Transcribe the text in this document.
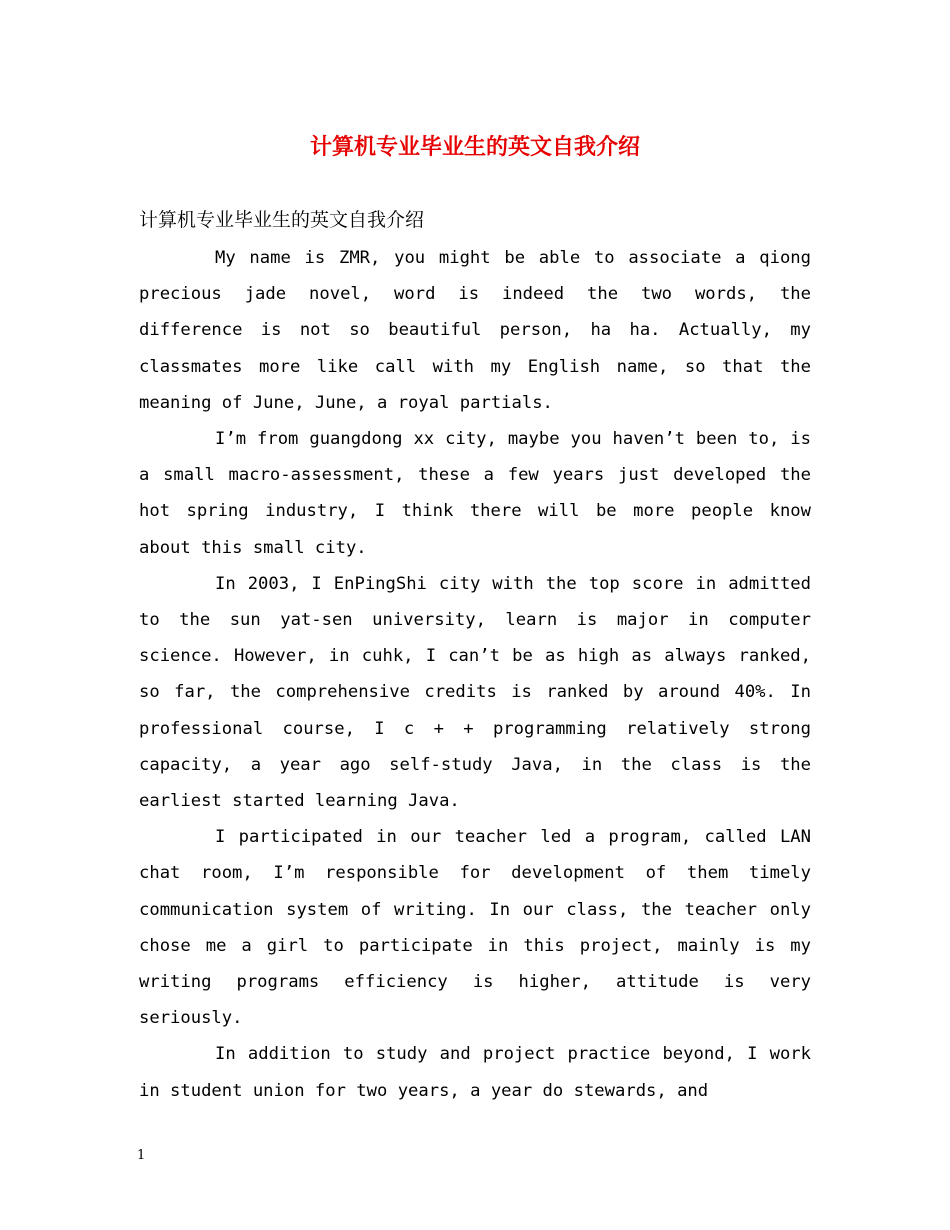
计算机专业毕业生的英文自我介绍
计算机专业毕业生的英文自我介绍

My name is ZMR, you might be able to associate a qiong precious jade novel, word is indeed the two words, the difference is not so beautiful person, ha ha. Actually, my classmates more like call with my English name, so that the meaning of June, June, a royal partials.

I’m from guangdong xx city, maybe you haven’t been to, is a small macro-assessment, these a few years just developed the hot spring industry, I think there will be more people know about this small city.

In 2003, I EnPingShi city with the top score in admitted to the sun yat-sen university, learn is major in computer science. However, in cuhk, I can’t be as high as always ranked, so far, the comprehensive credits is ranked by around 40%. In professional course, I c + + programming relatively strong capacity, a year ago self-study Java, in the class is the earliest started learning Java.

I participated in our teacher led a program, called LAN chat room, I’m responsible for development of them timely communication system of writing. In our class, the teacher only chose me a girl to participate in this project, mainly is my writing programs efficiency is higher, attitude is very seriously.

In addition to study and project practice beyond, I work in student union for two years, a year do stewards, and

1
